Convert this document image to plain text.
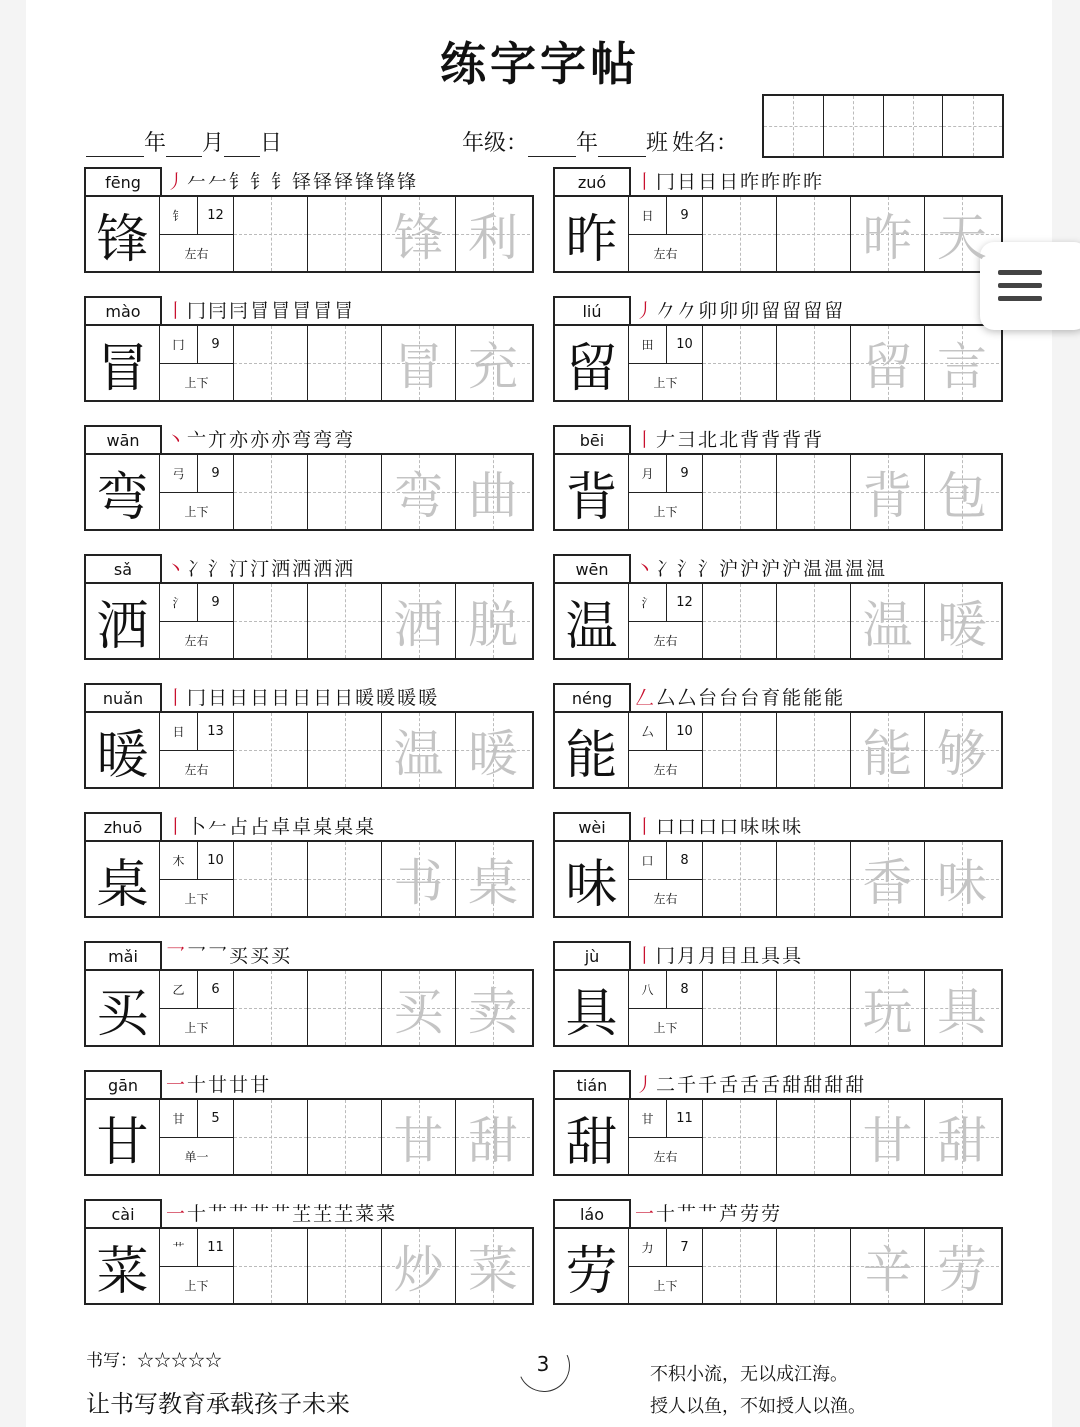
练字字帖
年 月 日	年级： 年 班 姓名：
fēng	丿𠂉𠂉钅钅钅铎铎铎锋锋锋
锋	钅	12
左右	锋 利
zuó	丨冂日日日昨昨昨昨
昨	日	9
左右	昨 天
mào	丨冂冃冃冒冒冒冒冒
冒	冂	9
上下	冒 充
liú	丿𠂊𠂊卯卯卯留留留留
留	田	10
上下	留 言
wān	丶亠亣亦亦亦弯弯弯
弯	弓	9
上下	弯 曲
bēi	丨𠂇彐北北背背背背
背	月	9
上下	背 包
sǎ	丶冫氵汀汀洒洒洒洒
洒	氵	9
左右	洒 脱
wēn	丶冫氵氵沪沪沪沪温温温温
温	氵	12
左右	温 暖
nuǎn	丨冂日日日日日日日暖暖暖暖
暖	日	13
左右	温 暖
néng	𠃋厶厶台台台育能能能
能	厶	10
左右	能 够
zhuō	丨卜𠂉占占卓卓桌桌桌
桌	木	10
上下	书 桌
wèi	丨口口口口味味味
味	口	8
左右	香 味
mǎi	乛乛乛买买买
买	乙	6
上下	买 卖
jù	丨冂月月目且具具
具	八	8
上下	玩 具
gān	一十廿廿甘
甘	甘	5
单一	甘 甜
tián	丿二千千舌舌舌甜甜甜甜
甜	甘	11
左右	甘 甜
cài	一十艹艹艹艹芏芏芏菜菜
菜	艹	11
上下	炒 菜
láo	一十艹艹芦劳劳
劳	力	7
上下	辛 劳
书写：☆☆☆☆☆
让书写教育承载孩子未来
3	不积小流，无以成江海。
授人以鱼，不如授人以渔。
